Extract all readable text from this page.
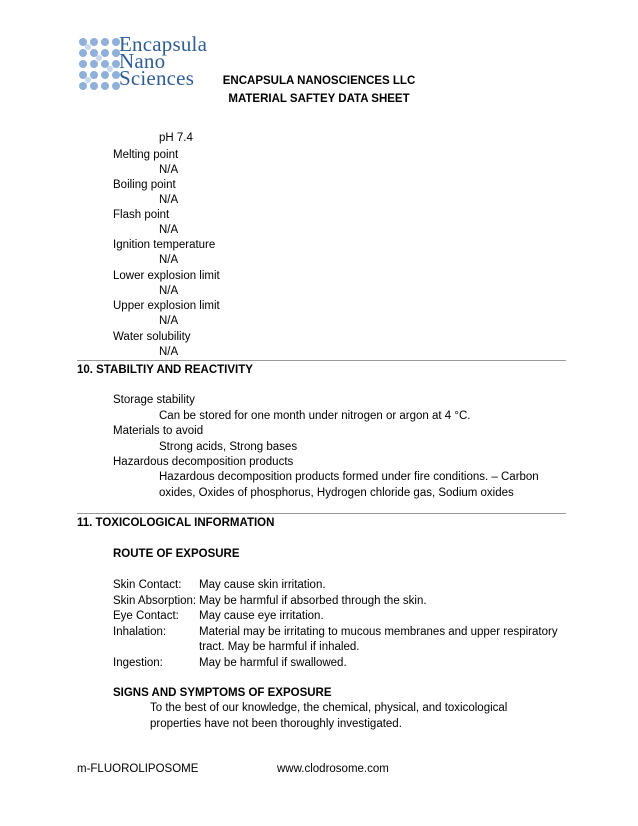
Encapsula
Nano
Sciences	ENCAPSULA NANOSCIENCES LLC
MATERIAL SAFTEY DATA SHEET
pH 7.4
Melting point
N/A
Boiling point
N/A
Flash point
N/A
Ignition temperature
N/A
Lower explosion limit
N/A
Upper explosion limit
N/A
Water solubility
N/A
10. STABILTIY AND REACTIVITY
Storage stability
Can be stored for one month under nitrogen or argon at 4 °C.
Materials to avoid
Strong acids, Strong bases
Hazardous decomposition products
Hazardous decomposition products formed under fire conditions. – Carbon
oxides, Oxides of phosphorus, Hydrogen chloride gas, Sodium oxides
11. TOXICOLOGICAL INFORMATION
ROUTE OF EXPOSURE
Skin Contact: May cause skin irritation.
Skin Absorption: May be harmful if absorbed through the skin.
Eye Contact: May cause eye irritation.
Inhalation:	Material may be irritating to mucous membranes and upper respiratory
tract. May be harmful if inhaled.
Ingestion:	May be harmful if swallowed.
SIGNS AND SYMPTOMS OF EXPOSURE
To the best of our knowledge, the chemical, physical, and toxicological
properties have not been thoroughly investigated.
m-FLUOROLIPOSOME	www.clodrosome.com
